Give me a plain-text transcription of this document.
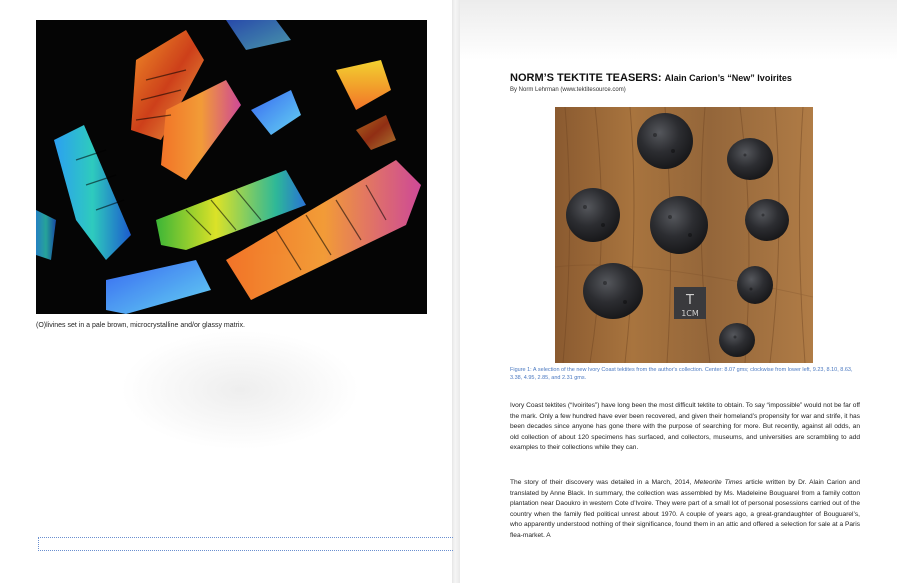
(O)livines set in a pale brown, microcrystalline and/or glassy matrix.
NORM’S TEKTITE TEASERS: Alain Carion’s “New” Ivoirites
By Norm Lehrman (www.tektitesource.com)
T
1CM
Figure 1: A selection of the new Ivory Coast tektites from the author's collection. Center: 8.07 gms; clockwise from lower left, 9.23, 8.10, 8.63, 3.38, 4.95, 2.85, and 2.31 gms.
Ivory Coast tektites (“Ivoirites”) have long been the most difficult tektite to obtain. To say “impossible” would not be far off the mark. Only a few hundred have ever been recovered, and given their homeland’s propensity for war and strife, it has been decades since anyone has gone there with the purpose of searching for more. But recently, against all odds, an old collection of about 120 specimens has surfaced, and collectors, museums, and universities are scrambling to add examples to their collections while they can.
The story of their discovery was detailed in a March, 2014, Meteorite Times article written by Dr. Alain Carion and translated by Anne Black. In summary, the collection was assembled by Ms. Madeleine Bouguarel from a family cotton plantation near Daoukro in western Cote d’Ivoire. They were part of a small lot of personal posessions carried out of the country when the family fled political unrest about 1970. A couple of years ago, a great-grandaughter of Bouguarel’s, who apparently understood nothing of their significance, found them in an attic and offered a selection for sale at a Paris flea-market. A
